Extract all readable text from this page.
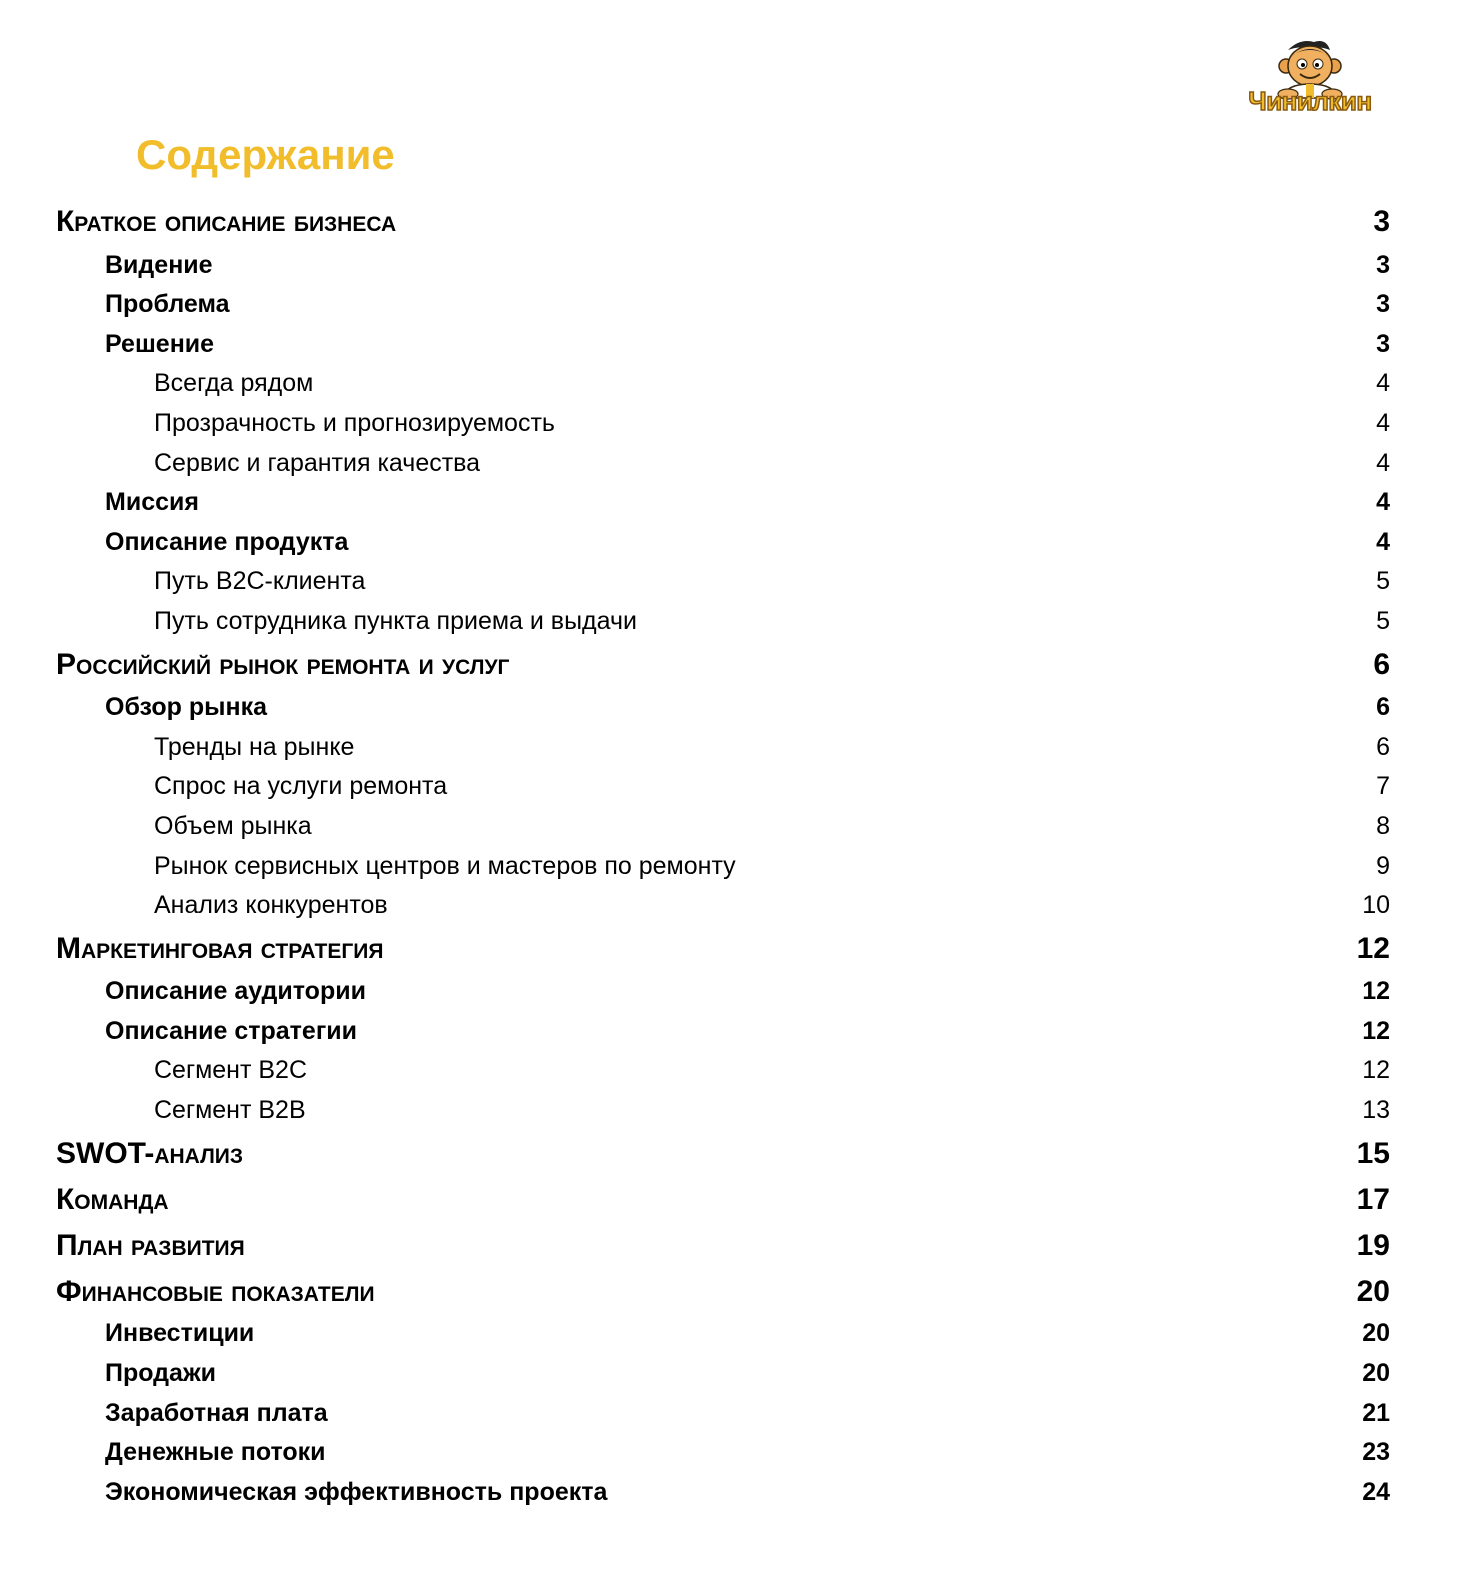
Чинилкин
Содержание
Краткое описание бизнеса	3
Видение	3
Проблема	3
Решение	3
Всегда рядом	4
Прозрачность и прогнозируемость	4
Сервис и гарантия качества	4
Миссия	4
Описание продукта	4
Путь B2C-клиента	5
Путь сотрудника пункта приема и выдачи	5
Российский рынок ремонта и услуг	6
Обзор рынка	6
Тренды на рынке	6
Спрос на услуги ремонта	7
Объем рынка	8
Рынок сервисных центров и мастеров по ремонту	9
Анализ конкурентов	10
Маркетинговая стратегия	12
Описание аудитории	12
Описание стратегии	12
Сегмент B2C	12
Сегмент B2B	13
SWOT-анализ	15
Команда	17
План развития	19
Финансовые показатели	20
Инвестиции	20
Продажи	20
Заработная плата	21
Денежные потоки	23
Экономическая эффективность проекта	24
